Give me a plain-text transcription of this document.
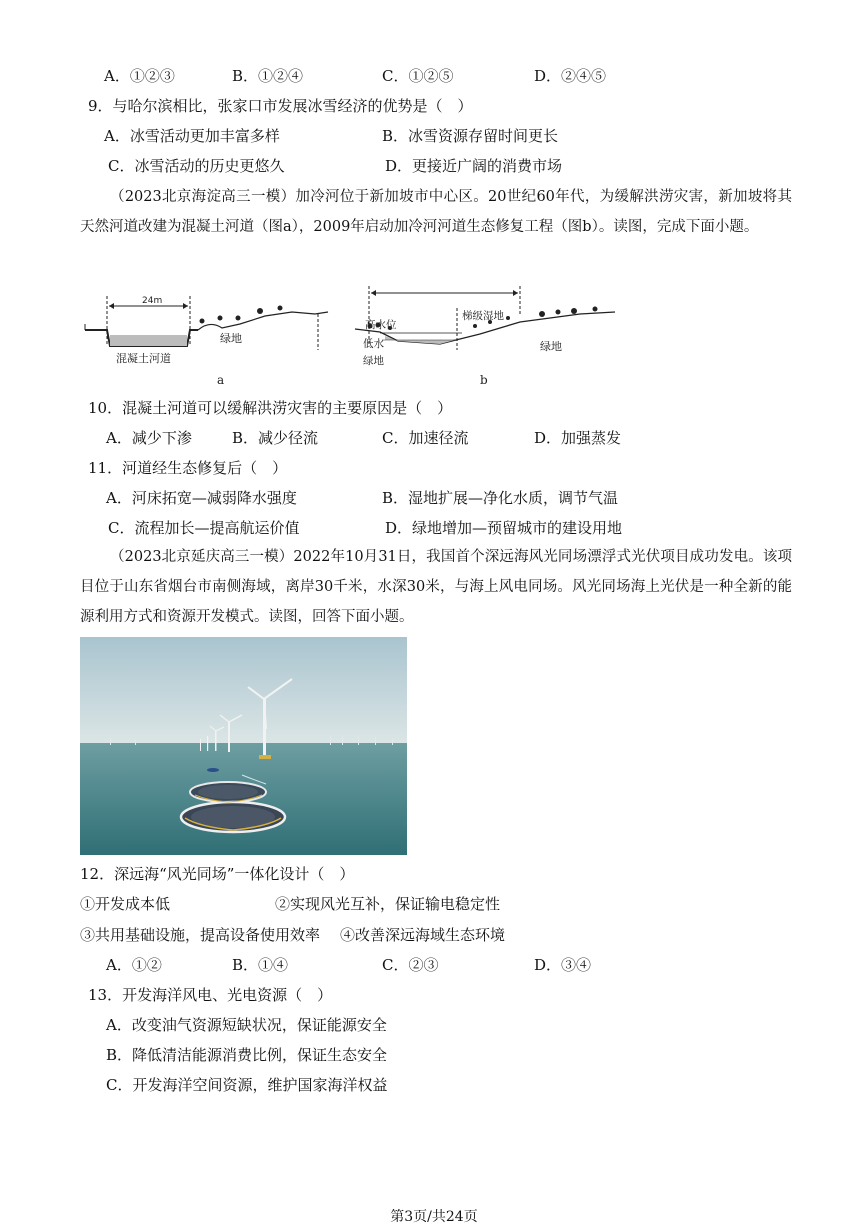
A．①②③	B．①②④	C．①②⑤	D．②④⑤
9．与哈尔滨相比，张家口市发展冰雪经济的优势是（　）
A．冰雪活动更加丰富多样	B．冰雪资源存留时间更长
C．冰雪活动的历史更悠久	D．更接近广阔的消费市场
（2023北京海淀高三一模）加冷河位于新加坡市中心区。20世纪60年代，为缓解洪涝灾害，新加坡将其天然河道改建为混凝土河道（图a），2009年启动加冷河河道生态修复工程（图b）。读图，完成下面小题。
24m
混凝土河道
绿地
a
高水位
低水
绿地
梯级湿地
绿地
b
10．混凝土河道可以缓解洪涝灾害的主要原因是（　）
A．减少下渗	B．减少径流	C．加速径流	D．加强蒸发
11．河道经生态修复后（　）
A．河床拓宽—减弱降水强度	B．湿地扩展—净化水质，调节气温
C．流程加长—提高航运价值	D．绿地增加—预留城市的建设用地
（2023北京延庆高三一模）2022年10月31日，我国首个深远海风光同场漂浮式光伏项目成功发电。该项目位于山东省烟台市南侧海域，离岸30千米，水深30米，与海上风电同场。风光同场海上光伏是一种全新的能源利用方式和资源开发模式。读图，回答下面小题。
12．深远海“风光同场”一体化设计（　）
①开发成本低	②实现风光互补，保证输电稳定性
③共用基础设施，提高设备使用效率 ④改善深远海域生态环境
A．①②	B．①④	C．②③	D．③④
13．开发海洋风电、光电资源（　）
A．改变油气资源短缺状况，保证能源安全
B．降低清洁能源消费比例，保证生态安全
C．开发海洋空间资源，维护国家海洋权益
第3页/共24页
